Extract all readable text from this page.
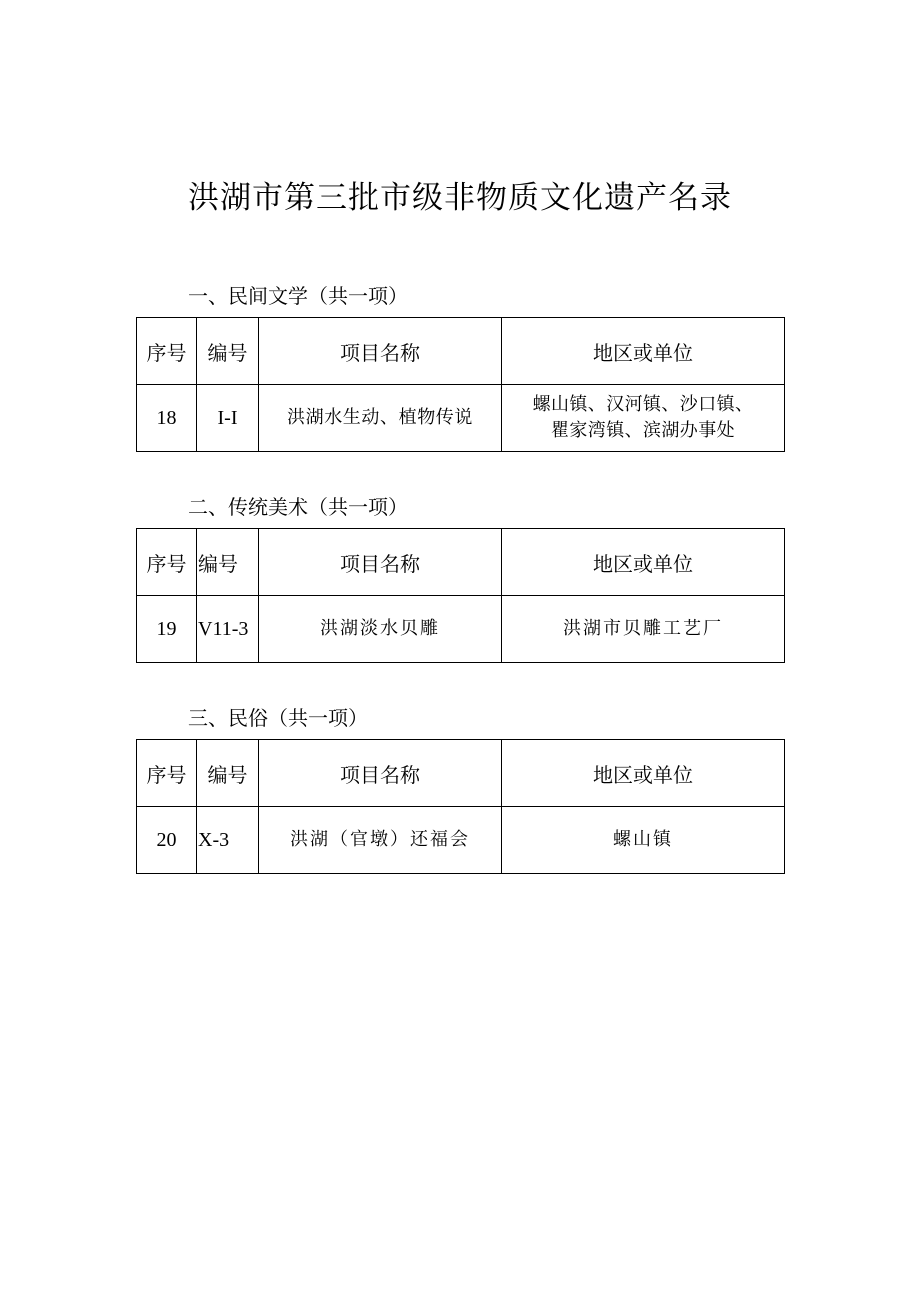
洪湖市第三批市级非物质文化遗产名录
一、民间文学（共一项）
序号	编号	项目名称	地区或单位
18	I-I	洪湖水生动、植物传说	螺山镇、汉河镇、沙口镇、
瞿家湾镇、滨湖办事处
二、传统美术（共一项）
序号	编号	项目名称	地区或单位
19	V11-3	洪湖淡水贝雕	洪湖市贝雕工艺厂
三、民俗（共一项）
序号	编号	项目名称	地区或单位
20	X-3	洪湖（官墩）还福会	螺山镇
